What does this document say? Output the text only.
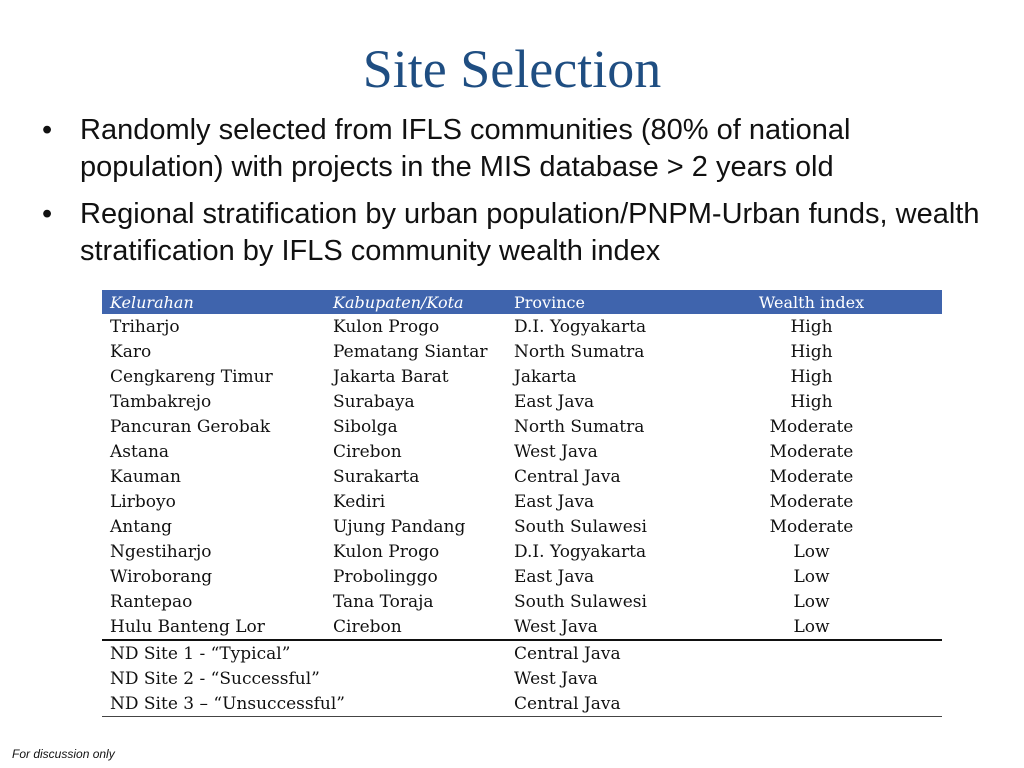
Site Selection
• Randomly selected from IFLS communities (80% of national population) with projects in the MIS database > 2 years old
• Regional stratification by urban population/PNPM-Urban funds, wealth stratification by IFLS community wealth index
Kelurahan	Kabupaten/Kota	Province	Wealth index
Triharjo	Kulon Progo	D.I. Yogyakarta	High
Karo	Pematang Siantar	North Sumatra	High
Cengkareng Timur	Jakarta Barat	Jakarta	High
Tambakrejo	Surabaya	East Java	High
Pancuran Gerobak	Sibolga	North Sumatra	Moderate
Astana	Cirebon	West Java	Moderate
Kauman	Surakarta	Central Java	Moderate
Lirboyo	Kediri	East Java	Moderate
Antang	Ujung Pandang	South Sulawesi	Moderate
Ngestiharjo	Kulon Progo	D.I. Yogyakarta	Low
Wiroborang	Probolinggo	East Java	Low
Rantepao	Tana Toraja	South Sulawesi	Low
Hulu Banteng Lor	Cirebon	West Java	Low
ND Site 1 - “Typical”		Central Java	
ND Site 2 - “Successful”		West Java	
ND Site 3 – “Unsuccessful”		Central Java	
For discussion only
